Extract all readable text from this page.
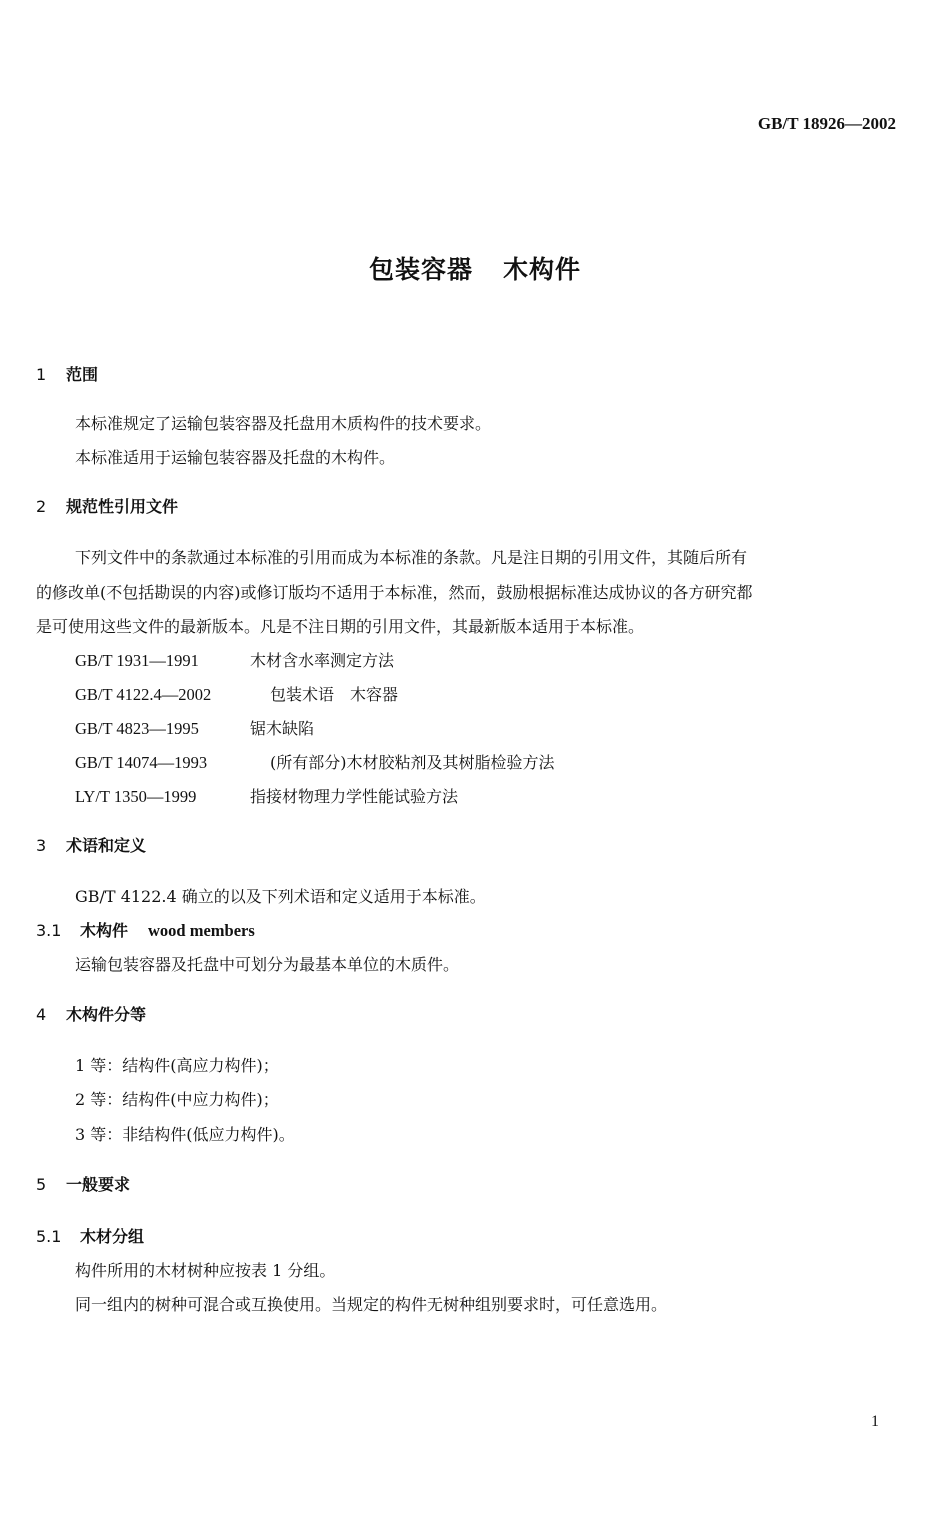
GB/T 18926—2002
包装容器 木构件
1 范围
本标准规定了运输包装容器及托盘用木质构件的技术要求。
本标准适用于运输包装容器及托盘的木构件。
2 规范性引用文件
下列文件中的条款通过本标准的引用而成为本标准的条款。凡是注日期的引用文件，其随后所有
的修改单(不包括勘误的内容)或修订版均不适用于本标准，然而，鼓励根据标准达成协议的各方研究都
是可使用这些文件的最新版本。凡是不注日期的引用文件，其最新版本适用于本标准。
GB/T 1931—1991	木材含水率测定方法
GB/T 4122.4—2002	包装术语　木容器
GB/T 4823—1995	锯木缺陷
GB/T 14074—1993	(所有部分)木材胶粘剂及其树脂检验方法
LY/T 1350—1999	指接材物理力学性能试验方法
3 术语和定义
GB/T 4122.4 确立的以及下列术语和定义适用于本标准。
3.1 木构件 wood members
运输包装容器及托盘中可划分为最基本单位的木质件。
4 木构件分等
1 等：结构件(高应力构件)；
2 等：结构件(中应力构件)；
3 等：非结构件(低应力构件)。
5 一般要求
5.1 木材分组
构件所用的木材树种应按表 1 分组。
同一组内的树种可混合或互换使用。当规定的构件无树种组别要求时，可任意选用。
1
